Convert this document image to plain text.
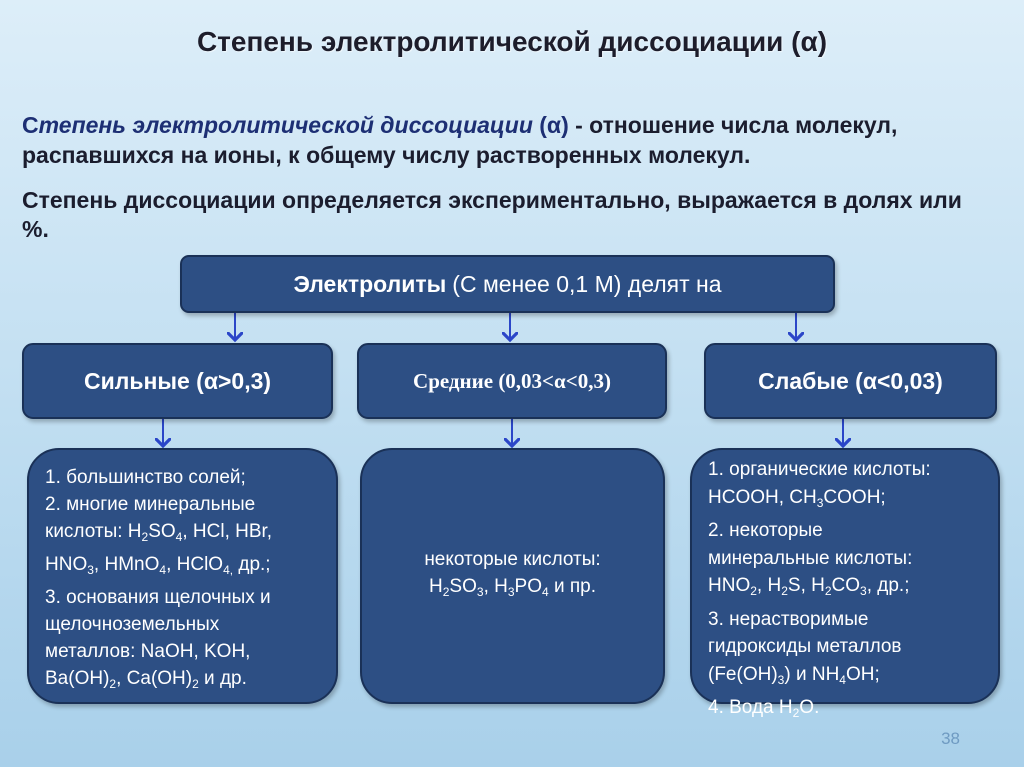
Степень электролитической диссоциации (α)
Степень электролитической диссоциации (α) - отношение числа молекул, распавшихся на ионы, к общему числу растворенных молекул.
Степень диссоциации определяется экспериментально, выражается в долях или %.
Электролиты (С менее 0,1 М) делят на
Сильные (α>0,3)	Средние (0,03<α<0,3)	Слабые (α<0,03)
1. большинство солей;
2. многие минеральные
кислоты: $H_2SO_4$, HCl, HBr,
$HNO_3$, HMnO$_4$, HClO$_{4,}$ др.;
3. основания щелочных и
щелочноземельных
металлов: NaOH, KOH,
$Ba(OH)_2$, $Ca(OH)_2$ и др.
некоторые кислоты:
$H_2SO_3$, $H_3PO_4$ и пр.
1. органические кислоты:
HCOOH, $CH_3COOH$;
2. некоторые
минеральные кислоты:
$HNO_2$, $H_2S$, $H_2CO_3$, др.;
3. нерастворимые
гидроксиды металлов
$(Fe(OH)_3)$ и $NH_4OH$;
4. Вода $H_2O$.
38
